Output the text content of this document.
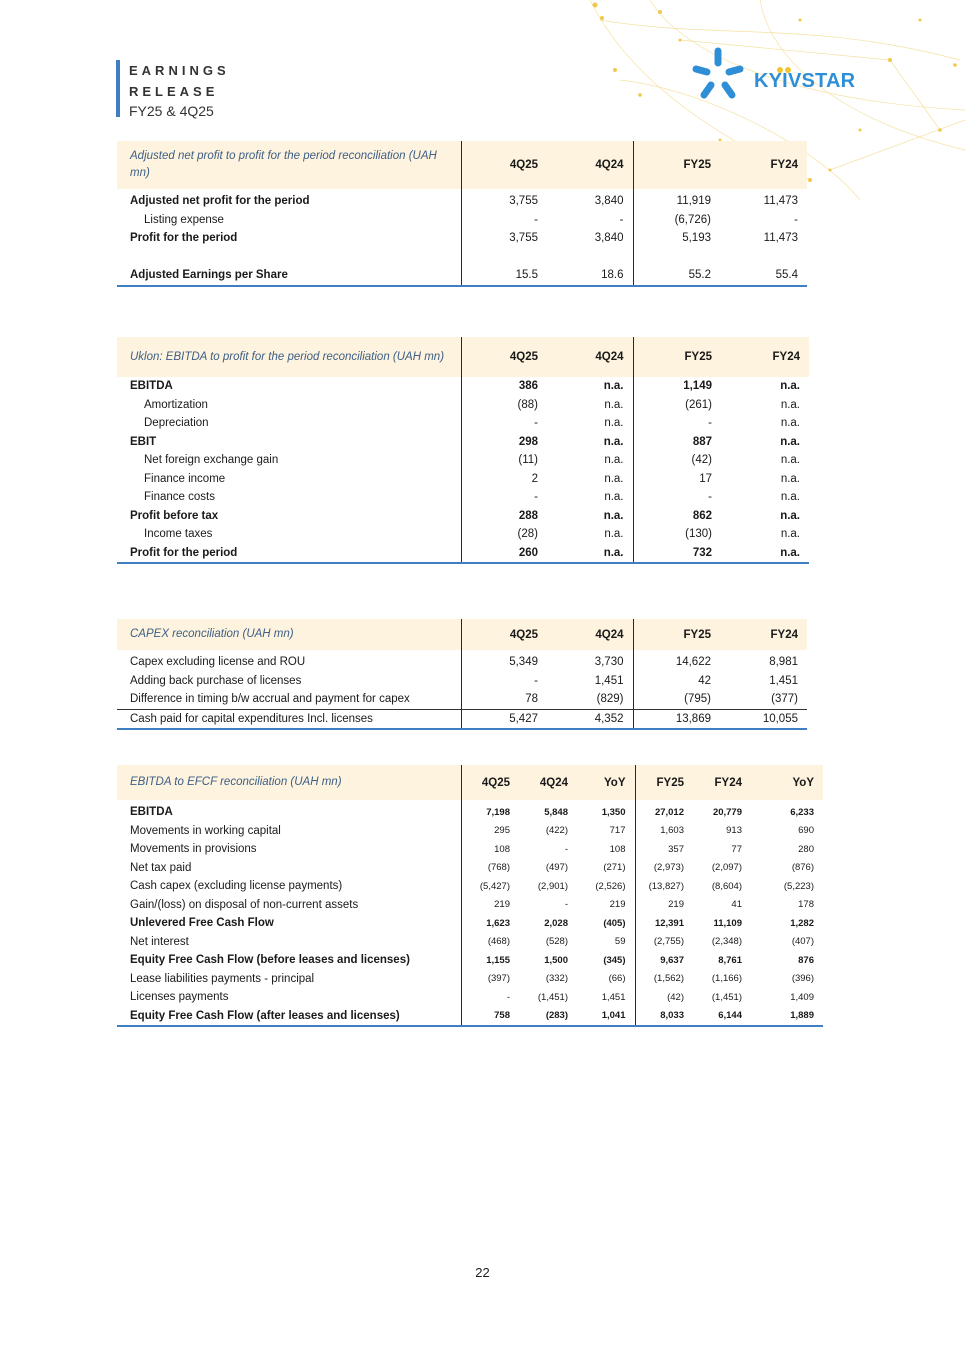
EARNINGS
RELEASE
FY25 & 4Q25
KYIVSTAR
Adjusted net profit to profit for the period reconciliation (UAH mn)	4Q25	4Q24	FY25	FY24
Adjusted net profit for the period	3,755	3,840	11,919	11,473
Listing expense	-	-	(6,726)	-
Profit for the period	3,755	3,840	5,193	11,473

Adjusted Earnings per Share	15.5	18.6	55.2	55.4
Uklon: EBITDA to profit for the period reconciliation (UAH mn)	4Q25	4Q24	FY25	FY24
EBITDA	386	n.a.	1,149	n.a.
Amortization	(88)	n.a.	(261)	n.a.
Depreciation	-	n.a.	-	n.a.
EBIT	298	n.a.	887	n.a.
Net foreign exchange gain	(11)	n.a.	(42)	n.a.
Finance income	2	n.a.	17	n.a.
Finance costs	-	n.a.	-	n.a.
Profit before tax	288	n.a.	862	n.a.
Income taxes	(28)	n.a.	(130)	n.a.
Profit for the period	260	n.a.	732	n.a.
CAPEX reconciliation (UAH mn)	4Q25	4Q24	FY25	FY24
Capex excluding license and ROU	5,349	3,730	14,622	8,981
Adding back purchase of licenses	-	1,451	42	1,451
Difference in timing b/w accrual and payment for capex	78	(829)	(795)	(377)
Cash paid for capital expenditures Incl. licenses	5,427	4,352	13,869	10,055
EBITDA to EFCF reconciliation (UAH mn)	4Q25	4Q24	YoY	FY25	FY24	YoY
EBITDA	7,198	5,848	1,350	27,012	20,779	6,233
Movements in working capital	295	(422)	717	1,603	913	690
Movements in provisions	108	-	108	357	77	280
Net tax paid	(768)	(497)	(271)	(2,973)	(2,097)	(876)
Cash capex (excluding license payments)	(5,427)	(2,901)	(2,526)	(13,827)	(8,604)	(5,223)
Gain/(loss) on disposal of non-current assets	219	-	219	219	41	178
Unlevered Free Cash Flow	1,623	2,028	(405)	12,391	11,109	1,282
Net interest	(468)	(528)	59	(2,755)	(2,348)	(407)
Equity Free Cash Flow (before leases and licenses)	1,155	1,500	(345)	9,637	8,761	876
Lease liabilities payments - principal	(397)	(332)	(66)	(1,562)	(1,166)	(396)
Licenses payments	-	(1,451)	1,451	(42)	(1,451)	1,409
Equity Free Cash Flow (after leases and licenses)	758	(283)	1,041	8,033	6,144	1,889
22
